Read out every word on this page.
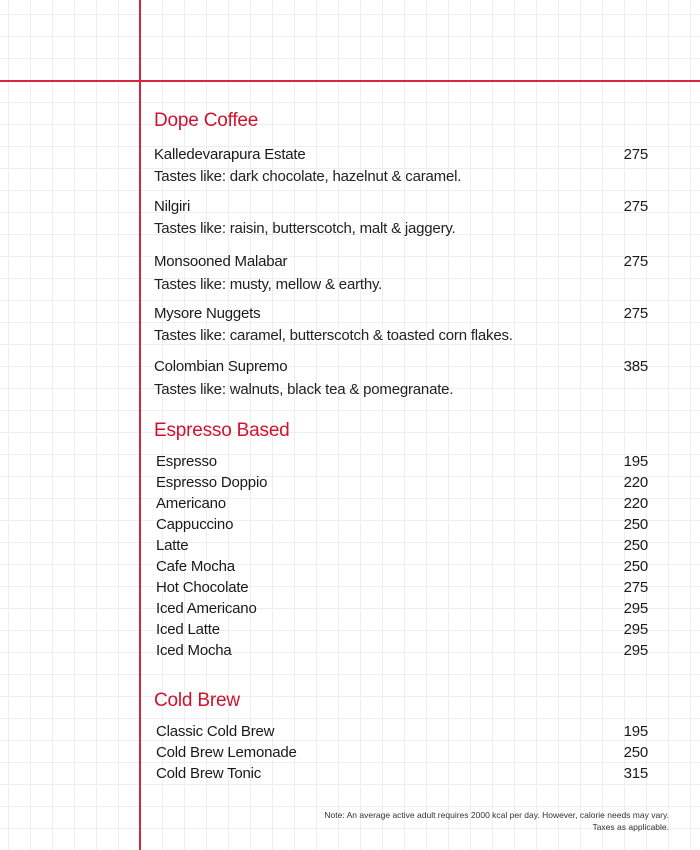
Dope Coffee
Kalledevarapura Estate	275
Tastes like: dark chocolate, hazelnut & caramel.
Nilgiri	275
Tastes like: raisin, butterscotch, malt & jaggery.
Monsooned Malabar	275
Tastes like: musty, mellow & earthy.
Mysore Nuggets	275
Tastes like: caramel, butterscotch & toasted corn flakes.
Colombian Supremo	385
Tastes like: walnuts, black tea & pomegranate.
Espresso Based
Espresso	195
Espresso Doppio	220
Americano	220
Cappuccino	250
Latte	250
Cafe Mocha	250
Hot Chocolate	275
Iced Americano	295
Iced Latte	295
Iced Mocha	295
Cold Brew
Classic Cold Brew	195
Cold Brew Lemonade	250
Cold Brew Tonic	315
Note: An average active adult requires 2000 kcal per day. However, calorie needs may vary.
Taxes as applicable.
